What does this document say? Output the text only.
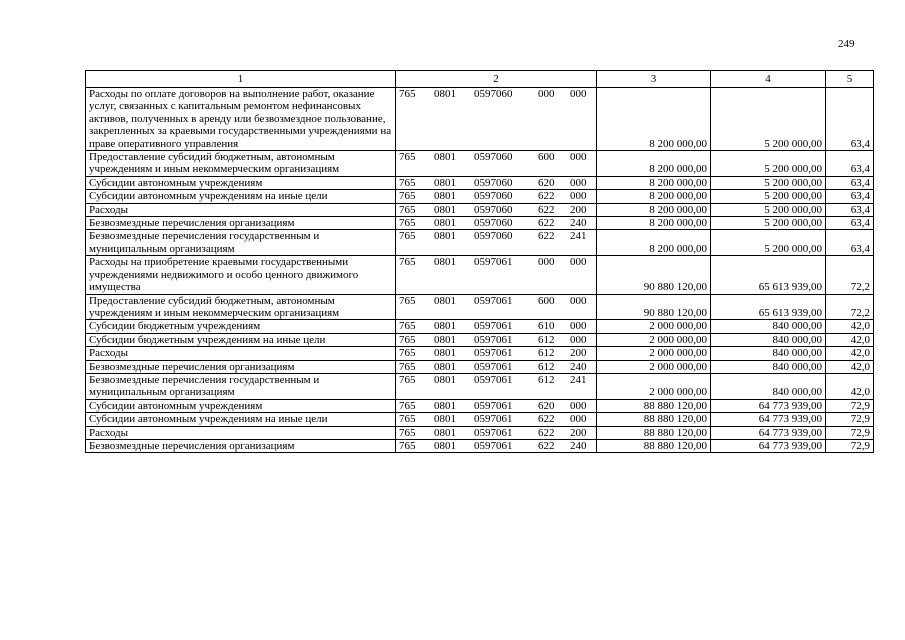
249
1	2	3	4	5
Расходы по оплате договоров на выполнение работ, оказание услуг, связанных с капитальным ремонтом нефинансовых активов, полученных в аренду или безвозмездное пользование, закрепленных за краевыми государственными учреждениями на праве оперативного управления	765 0801 0597060 000 000	8 200 000,00	5 200 000,00	63,4
Предоставление субсидий бюджетным, автономным учреждениям и иным некоммерческим организациям	765 0801 0597060 600 000	8 200 000,00	5 200 000,00	63,4
Субсидии автономным учреждениям	765 0801 0597060 620 000	8 200 000,00	5 200 000,00	63,4
Субсидии автономным учреждениям на иные цели	765 0801 0597060 622 000	8 200 000,00	5 200 000,00	63,4
Расходы	765 0801 0597060 622 200	8 200 000,00	5 200 000,00	63,4
Безвозмездные перечисления организациям	765 0801 0597060 622 240	8 200 000,00	5 200 000,00	63,4
Безвозмездные перечисления государственным и муниципальным организациям	765 0801 0597060 622 241	8 200 000,00	5 200 000,00	63,4
Расходы на приобретение краевыми государственными учреждениями недвижимого и особо ценного движимого имущества	765 0801 0597061 000 000	90 880 120,00	65 613 939,00	72,2
Предоставление субсидий бюджетным, автономным учреждениям и иным некоммерческим организациям	765 0801 0597061 600 000	90 880 120,00	65 613 939,00	72,2
Субсидии бюджетным учреждениям	765 0801 0597061 610 000	2 000 000,00	840 000,00	42,0
Субсидии бюджетным учреждениям на иные цели	765 0801 0597061 612 000	2 000 000,00	840 000,00	42,0
Расходы	765 0801 0597061 612 200	2 000 000,00	840 000,00	42,0
Безвозмездные перечисления организациям	765 0801 0597061 612 240	2 000 000,00	840 000,00	42,0
Безвозмездные перечисления государственным и муниципальным организациям	765 0801 0597061 612 241	2 000 000,00	840 000,00	42,0
Субсидии автономным учреждениям	765 0801 0597061 620 000	88 880 120,00	64 773 939,00	72,9
Субсидии автономным учреждениям на иные цели	765 0801 0597061 622 000	88 880 120,00	64 773 939,00	72,9
Расходы	765 0801 0597061 622 200	88 880 120,00	64 773 939,00	72,9
Безвозмездные перечисления организациям	765 0801 0597061 622 240	88 880 120,00	64 773 939,00	72,9
